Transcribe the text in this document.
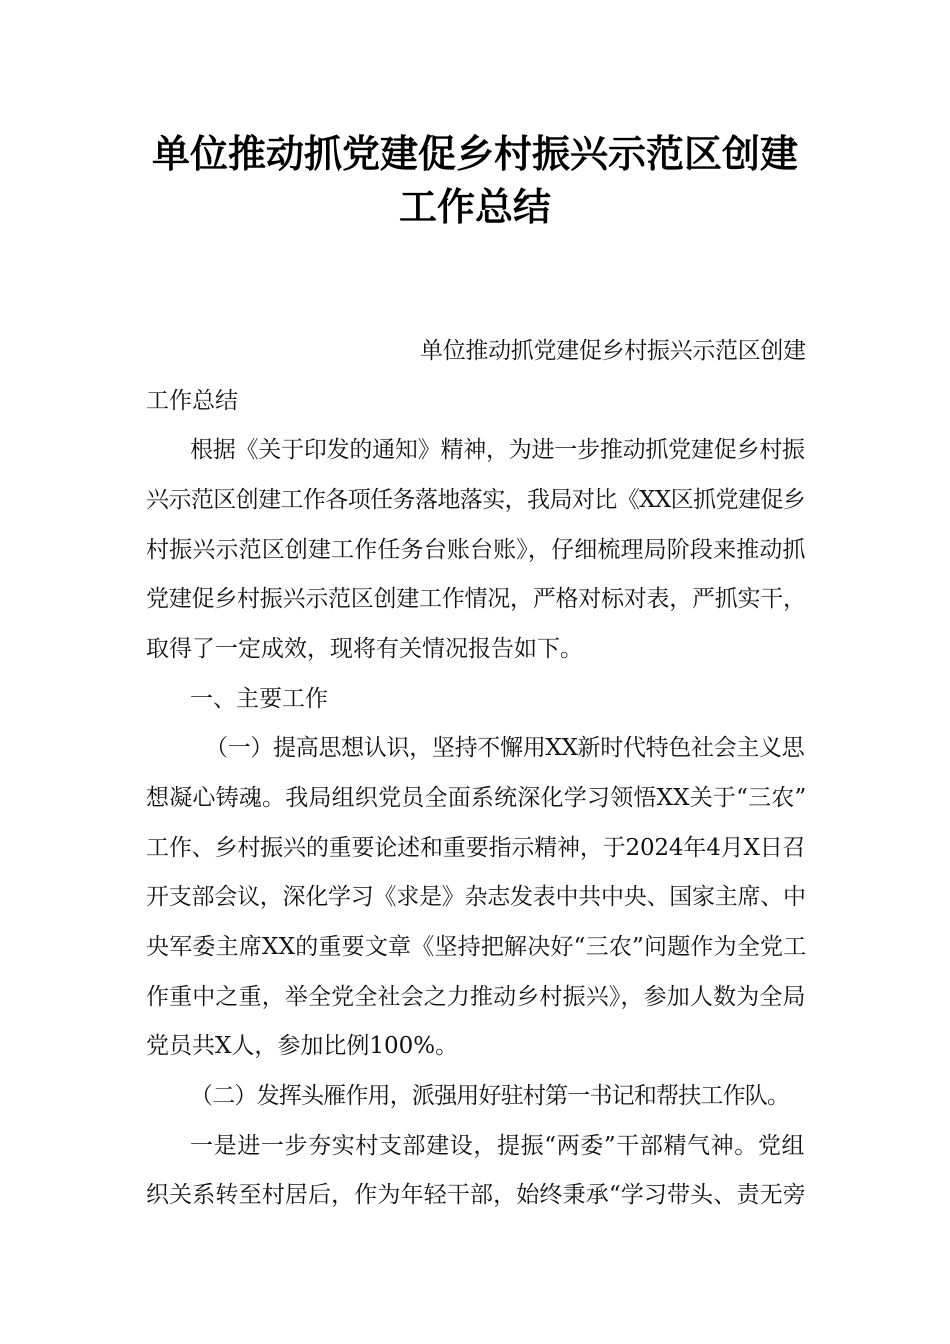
单位推动抓党建促乡村振兴示范区创建
工作总结

单位推动抓党建促乡村振兴示范区创建

工作总结

根据《关于印发的通知》精神，为进一步推动抓党建促乡村振

兴示范区创建工作各项任务落地落实，我局对比《XX区抓党建促乡

村振兴示范区创建工作任务台账台账》，仔细梳理局阶段来推动抓

党建促乡村振兴示范区创建工作情况，严格对标对表，严抓实干，

取得了一定成效，现将有关情况报告如下。

一、主要工作

（一）提高思想认识，坚持不懈用XX新时代特色社会主义思

想凝心铸魂。我局组织党员全面系统深化学习领悟XX关于“三农”

工作、乡村振兴的重要论述和重要指示精神，于2024年4月X日召

开支部会议，深化学习《求是》杂志发表中共中央、国家主席、中

央军委主席XX的重要文章《坚持把解决好“三农”问题作为全党工

作重中之重，举全党全社会之力推动乡村振兴》，参加人数为全局

党员共X人，参加比例100%。

（二）发挥头雁作用，派强用好驻村第一书记和帮扶工作队。

一是进一步夯实村支部建设，提振“两委”干部精气神。党组

织关系转至村居后，作为年轻干部，始终秉承“学习带头、责无旁
